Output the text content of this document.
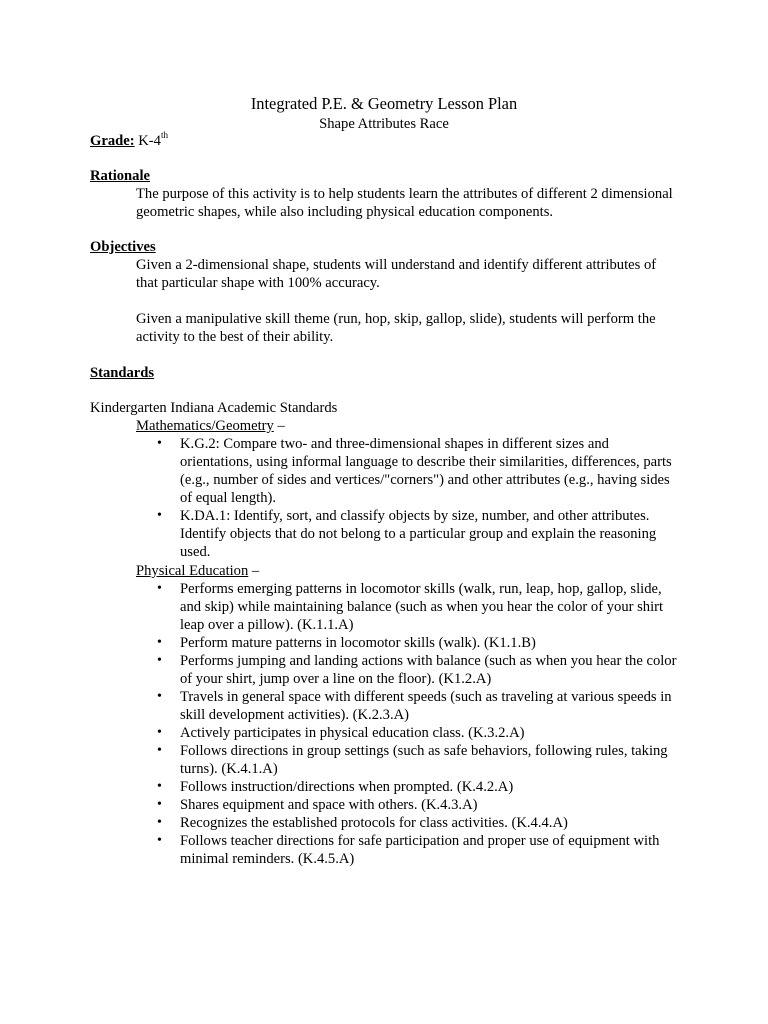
Integrated P.E. & Geometry Lesson Plan
Shape Attributes Race
Grade: K-4th
Rationale

The purpose of this activity is to help students learn the attributes of different 2 dimensional geometric shapes, while also including physical education components.

Objectives

Given a 2-dimensional shape, students will understand and identify different attributes of that particular shape with 100% accuracy.

Given a manipulative skill theme (run, hop, skip, gallop, slide), students will perform the activity to the best of their ability.

Standards
Kindergarten Indiana Academic Standards
Mathematics/Geometry –
• K.G.2: Compare two- and three-dimensional shapes in different sizes and orientations, using informal language to describe their similarities, differences, parts (e.g., number of sides and vertices/"corners") and other attributes (e.g., having sides of equal length).
• K.DA.1: Identify, sort, and classify objects by size, number, and other attributes. Identify objects that do not belong to a particular group and explain the reasoning used.
Physical Education –
• Performs emerging patterns in locomotor skills (walk, run, leap, hop, gallop, slide, and skip) while maintaining balance (such as when you hear the color of your shirt leap over a pillow). (K.1.1.A)
• Perform mature patterns in locomotor skills (walk). (K1.1.B)
• Performs jumping and landing actions with balance (such as when you hear the color of your shirt, jump over a line on the floor). (K1.2.A)
• Travels in general space with different speeds (such as traveling at various speeds in skill development activities). (K.2.3.A)
• Actively participates in physical education class. (K.3.2.A)
• Follows directions in group settings (such as safe behaviors, following rules, taking turns). (K.4.1.A)
• Follows instruction/directions when prompted. (K.4.2.A)
• Shares equipment and space with others. (K.4.3.A)
• Recognizes the established protocols for class activities. (K.4.4.A)
• Follows teacher directions for safe participation and proper use of equipment with minimal reminders. (K.4.5.A)
